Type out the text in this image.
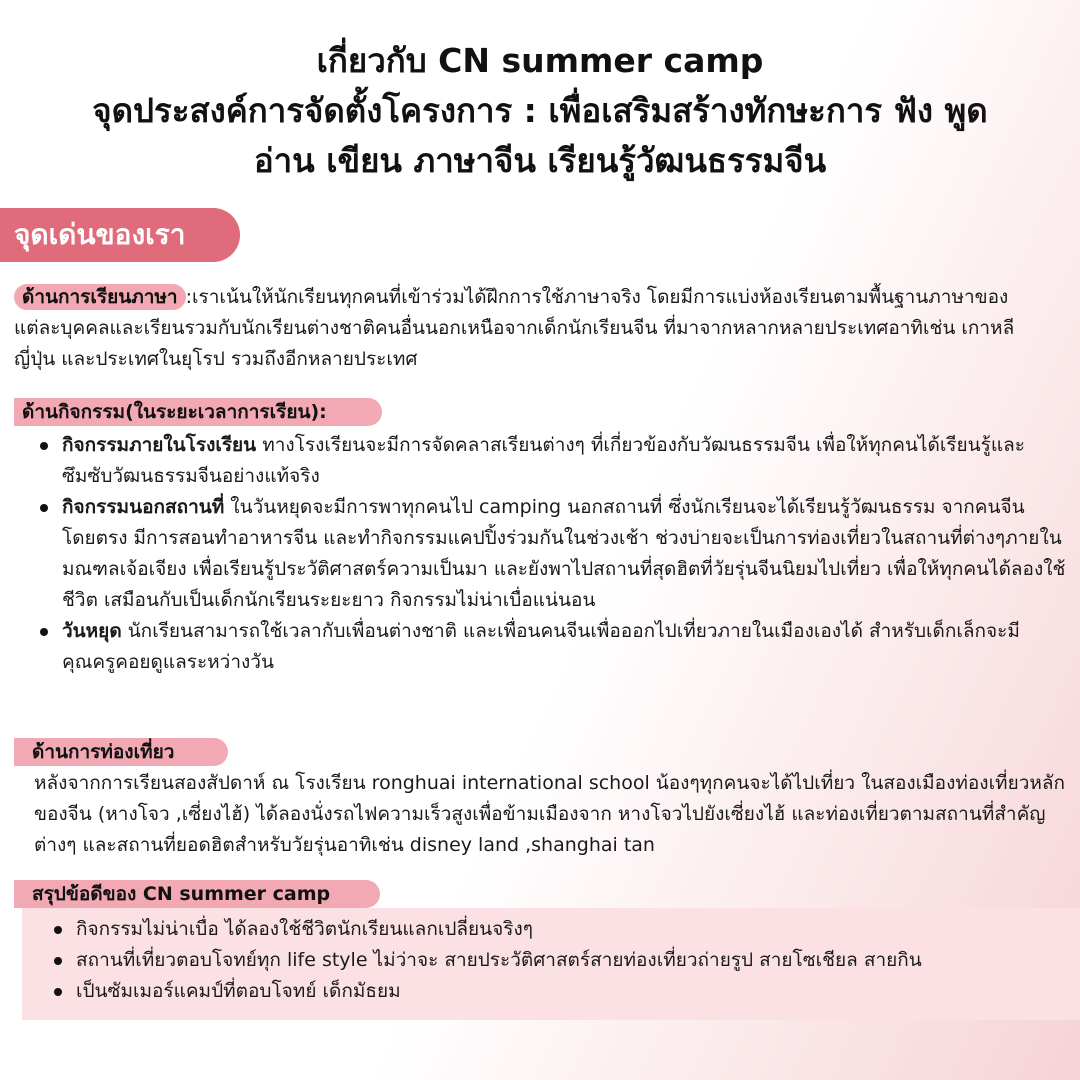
เกี่ยวกับ CN summer camp
จุดประสงค์การจัดตั้งโครงการ : เพื่อเสริมสร้างทักษะการ ฟัง พูด
อ่าน เขียน ภาษาจีน เรียนรู้วัฒนธรรมจีน
จุดเด่นของเรา
ด้านการเรียนภาษา :เราเน้นให้นักเรียนทุกคนที่เข้าร่วมได้ฝึกการใช้ภาษาจริง โดยมีการแบ่งห้องเรียนตามพื้นฐานภาษาของแต่ละบุคคลและเรียนรวมกับนักเรียนต่างชาติคนอื่นนอกเหนือจากเด็กนักเรียนจีน ที่มาจากหลากหลายประเทศอาทิเช่น เกาหลี ญี่ปุ่น และประเทศในยุโรป รวมถึงอีกหลายประเทศ
ด้านกิจกรรม(ในระยะเวลาการเรียน):
กิจกรรมภายในโรงเรียน ทางโรงเรียนจะมีการจัดคลาสเรียนต่างๆ ที่เกี่ยวข้องกับวัฒนธรรมจีน เพื่อให้ทุกคนได้เรียนรู้และซึมซับวัฒนธรรมจีนอย่างแท้จริง
กิจกรรมนอกสถานที่ ในวันหยุดจะมีการพาทุกคนไป camping นอกสถานที่ ซึ่งนักเรียนจะได้เรียนรู้วัฒนธรรม จากคนจีนโดยตรง มีการสอนทำอาหารจีน และทำกิจกรรมแคปปิ้งร่วมกันในช่วงเช้า ช่วงบ่ายจะเป็นการท่องเที่ยวในสถานที่ต่างๆภายในมณฑลเจ้อเจียง เพื่อเรียนรู้ประวัติศาสตร์ความเป็นมา และยังพาไปสถานที่สุดฮิตที่วัยรุ่นจีนนิยมไปเที่ยว เพื่อให้ทุกคนได้ลองใช้ชีวิต เสมือนกับเป็นเด็กนักเรียนระยะยาว กิจกรรมไม่น่าเบื่อแน่นอน
วันหยุด นักเรียนสามารถใช้เวลากับเพื่อนต่างชาติ และเพื่อนคนจีนเพื่อออกไปเที่ยวภายในเมืองเองได้ สำหรับเด็กเล็กจะมีคุณครูคอยดูแลระหว่างวัน
ด้านการท่องเที่ยว
หลังจากการเรียนสองสัปดาห์ ณ โรงเรียน ronghuai international school น้องๆทุกคนจะได้ไปเที่ยว ในสองเมืองท่องเที่ยวหลักของจีน (หางโจว ,เซี่ยงไฮ้) ได้ลองนั่งรถไฟความเร็วสูงเพื่อข้ามเมืองจาก หางโจวไปยังเซี่ยงไฮ้ และท่องเที่ยวตามสถานที่สำคัญต่างๆ และสถานที่ยอดฮิตสำหรับวัยรุ่นอาทิเช่น disney land ,shanghai tan
สรุปข้อดีของ CN summer camp
กิจกรรมไม่น่าเบื่อ ได้ลองใช้ชีวิตนักเรียนแลกเปลี่ยนจริงๆ
สถานที่เที่ยวตอบโจทย์ทุก life style ไม่ว่าจะ สายประวัติศาสตร์สายท่องเที่ยวถ่ายรูป สายโซเชียล สายกิน
เป็นซัมเมอร์แคมป์ที่ตอบโจทย์ เด็กมัธยม
